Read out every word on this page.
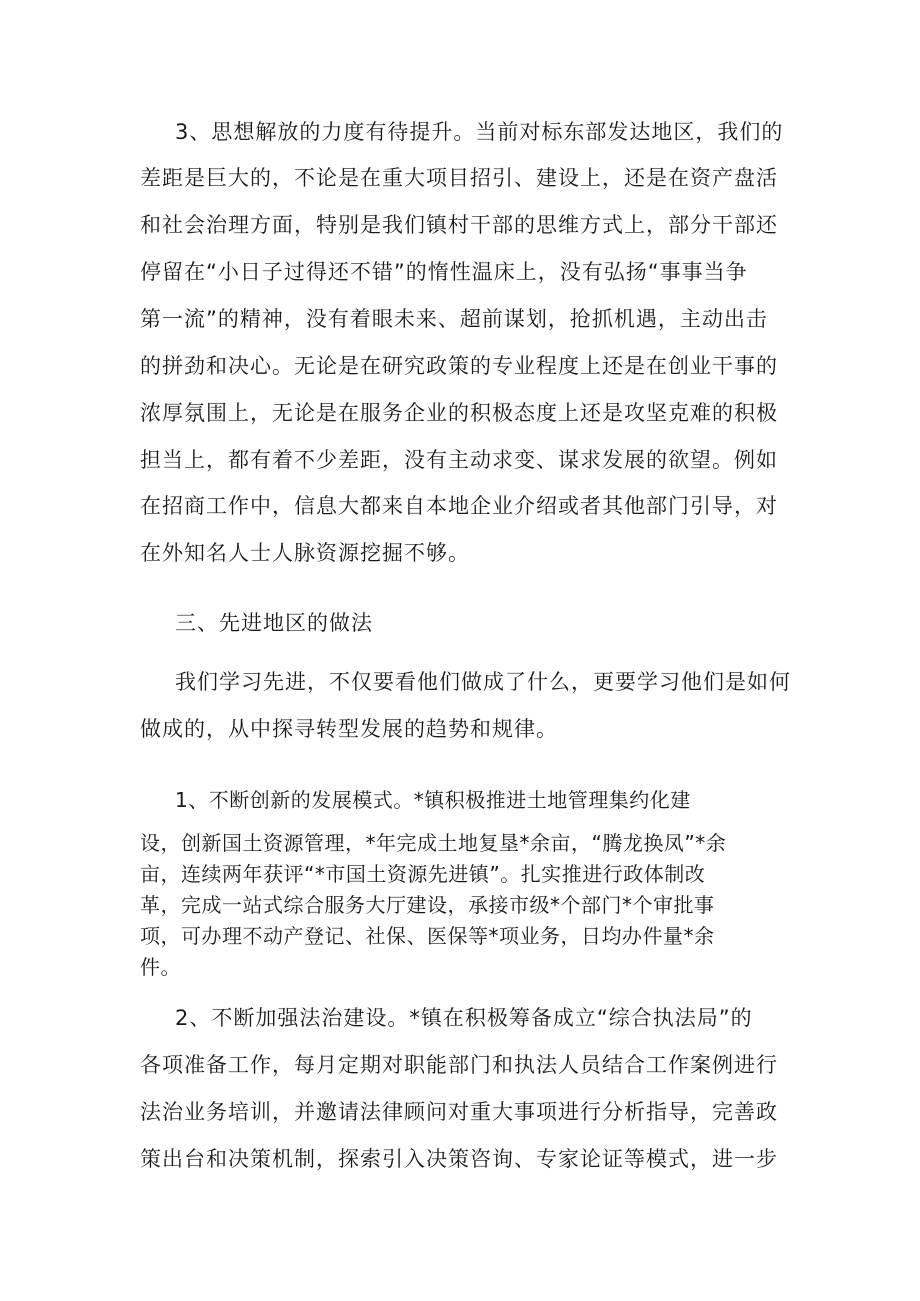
3、思想解放的力度有待提升。当前对标东部发达地区，我们的
差距是巨大的，不论是在重大项目招引、建设上，还是在资产盘活
和社会治理方面，特别是我们镇村干部的思维方式上，部分干部还
停留在“小日子过得还不错”的惰性温床上，没有弘扬“事事当争
第一流”的精神，没有着眼未来、超前谋划，抢抓机遇，主动出击
的拼劲和决心。无论是在研究政策的专业程度上还是在创业干事的
浓厚氛围上，无论是在服务企业的积极态度上还是攻坚克难的积极
担当上，都有着不少差距，没有主动求变、谋求发展的欲望。例如
在招商工作中，信息大都来自本地企业介绍或者其他部门引导，对
在外知名人士人脉资源挖掘不够。
三、先进地区的做法
我们学习先进，不仅要看他们做成了什么，更要学习他们是如何
做成的，从中探寻转型发展的趋势和规律。
1、不断创新的发展模式。*镇积极推进土地管理集约化建
设，创新国土资源管理，*年完成土地复垦*余亩，“腾龙换凤”*余
亩，连续两年获评“*市国土资源先进镇”。扎实推进行政体制改
革，完成一站式综合服务大厅建设，承接市级*个部门*个审批事
项，可办理不动产登记、社保、医保等*项业务，日均办件量*余
件。
2、不断加强法治建设。*镇在积极筹备成立“综合执法局”的
各项准备工作，每月定期对职能部门和执法人员结合工作案例进行
法治业务培训，并邀请法律顾问对重大事项进行分析指导，完善政
策出台和决策机制，探索引入决策咨询、专家论证等模式，进一步
